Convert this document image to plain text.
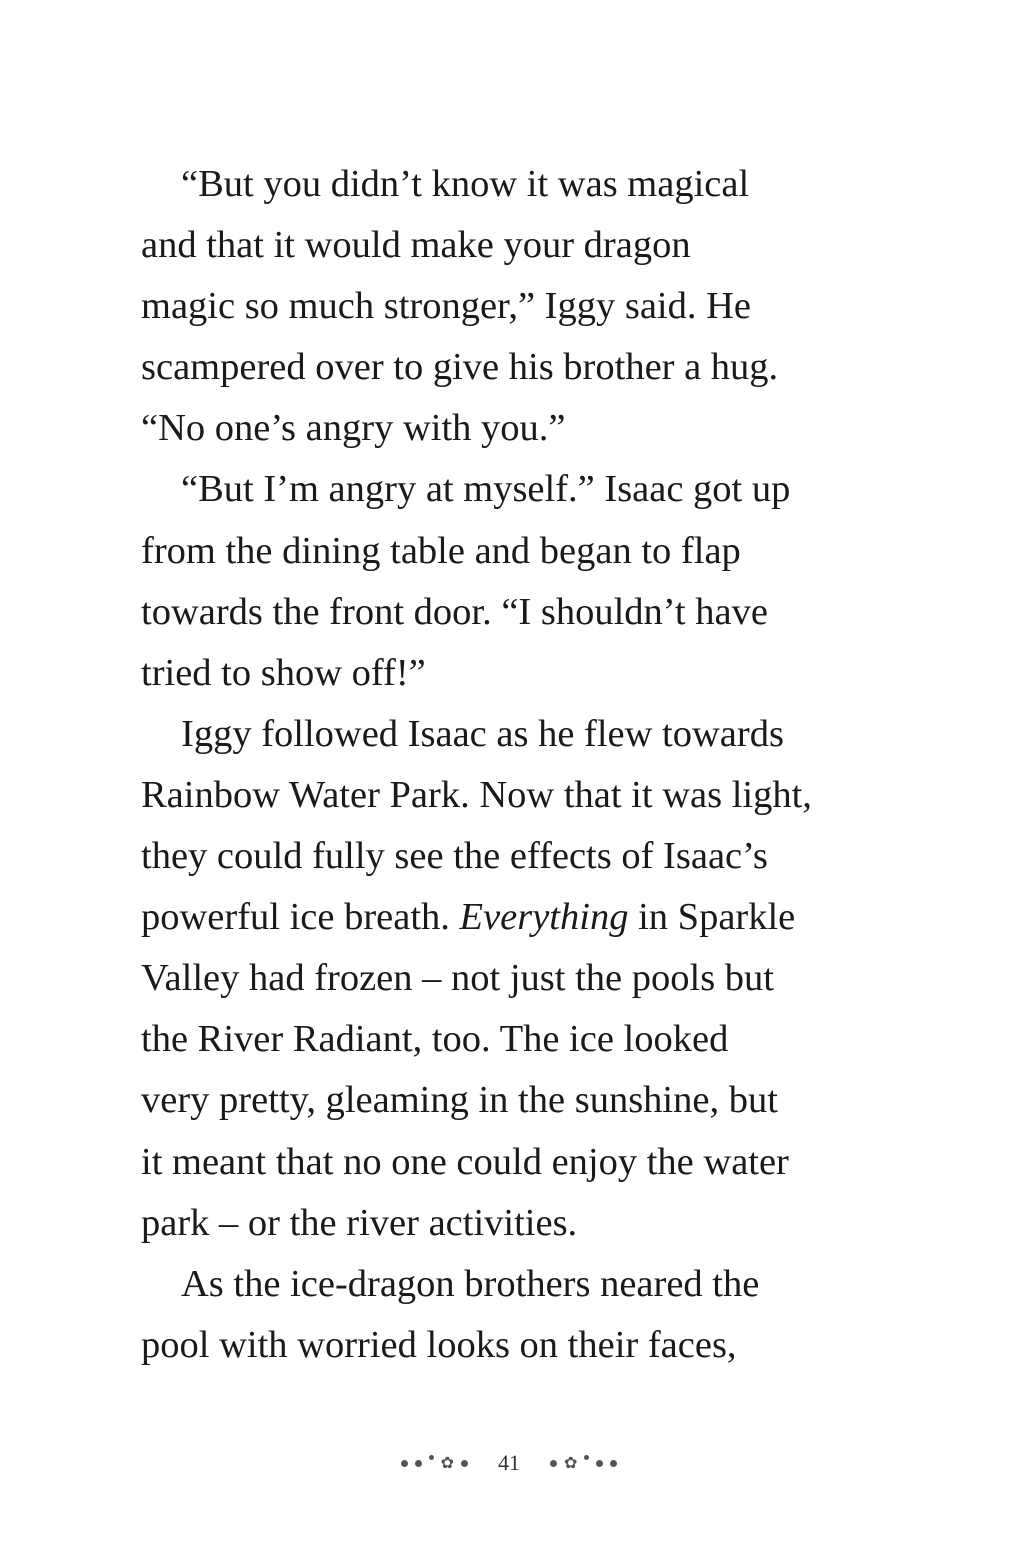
“But you didn’t know it was magical
and that it would make your dragon
magic so much stronger,” Iggy said. He
scampered over to give his brother a hug.
“No one’s angry with you.”
“But I’m angry at myself.” Isaac got up
from the dining table and began to flap
towards the front door. “I shouldn’t have
tried to show off!”
Iggy followed Isaac as he flew towards
Rainbow Water Park. Now that it was light,
they could fully see the effects of Isaac’s
powerful ice breath. Everything in Sparkle
Valley had frozen – not just the pools but
the River Radiant, too. The ice looked
very pretty, gleaming in the sunshine, but
it meant that no one could enjoy the water
park – or the river activities.
As the ice-dragon brothers neared the
pool with worried looks on their faces,
✿ 41	✿
